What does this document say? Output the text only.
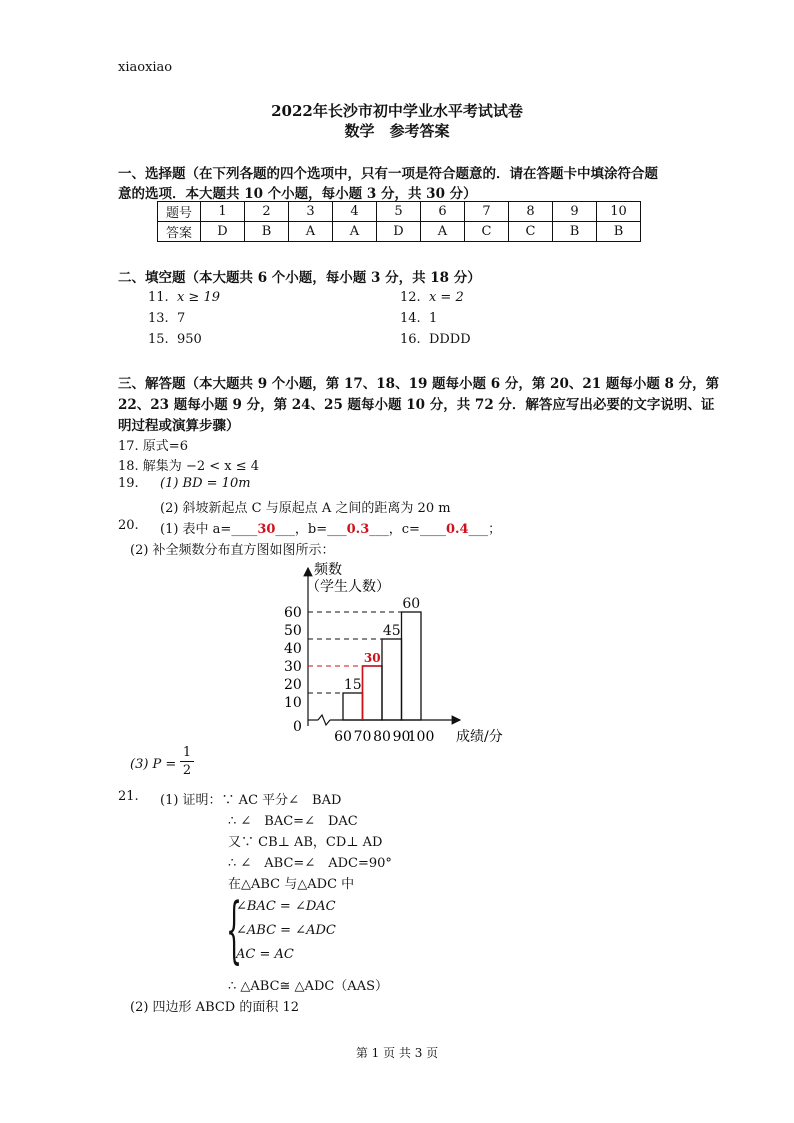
xiaoxiao
2022年长沙市初中学业水平考试试卷
数学　参考答案
一、选择题（在下列各题的四个选项中，只有一项是符合题意的．请在答题卡中填涂符合题
意的选项．本大题共 10 个小题，每小题 3 分，共 30 分）
题号	1	2	3	4	5	6	7	8	9	10
答案	D	B	A	A	D	A	C	C	B	B
二、填空题（本大题共 6 个小题，每小题 3 分，共 18 分）
11. x ≥ 19	12. x = 2
13. 7	14. 1
15. 950	16. DDDD
三、解答题（本大题共 9 个小题，第 17、18、19 题每小题 6 分，第 20、21 题每小题 8 分，第
22、23 题每小题 9 分，第 24、25 题每小题 10 分，共 72 分．解答应写出必要的文字说明、证
明过程或演算步骤）
17. 原式=6
18. 解集为 −2 < x ≤ 4
19. (1) BD = 10m
(2) 斜坡新起点 C 与原起点 A 之间的距离为 20 m
20. (1) 表中 a=____30___，b=___0.3___，c=____0.4___；
(2) 补全频数分布直方图如图所示：
频数
（学生人数）
成绩/分
0
10
20
30
40
50
60
15
30
45
60
60 70 80 90
100
(3) $P = \frac{1}{2}$
21. (1) 证明：∵ AC 平分∠　BAD
∴ ∠　BAC=∠　DAC
又∵ CB⊥ AB，CD⊥ AD
∴ ∠　ABC=∠　ADC=90°
在△ABC 与△ADC 中
{
∠BAC = ∠DAC
∠ABC = ∠ADC
AC = AC
∴ △ABC≅ △ADC（AAS）
(2) 四边形 ABCD 的面积 12
第 1 页 共 3 页
